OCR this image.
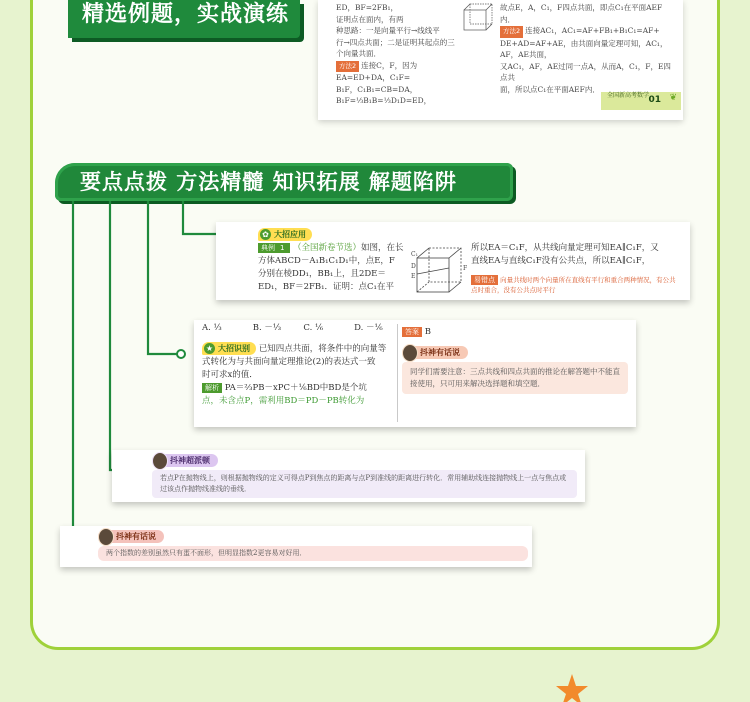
精选例题，实战演练	ED，BF=2FB₁，
证明点在面内，有两
种思路：一是向量平行→线线平
行→四点共面；二是证明其起点的三个向量共面．
方法2 连接C，F，因为EA=ED+DA，C₁F=
B₁F，C₁B₁=CB=DA，B₁F=⅓B₁B=⅓D₁D=ED，
故点E，A，C₁，F四点共面，即点C₁在平面AEF内．
方法2 连接AC₁，AC₁=AF+FB₁+B₁C₁=AF+
DE+AD=AF+AE，由共面向量定理可知，AC₁，
AF，AE共面，
又AC₁，AF，AE过同一点A，从而A，C₁，F，E四点共
面，所以点C₁在平面AEF内．
全国新高考数学 01 ❦
要点点拨 方法精髓 知识拓展 解题陷阱
✿ 大招应用
典例 1 （全国新卷节选）如图，在长
方体ABCD－A₁B₁C₁D₁中，点E，F
分别在棱DD₁，BB₁上，且2DE＝
ED₁，BF＝2FB₁．证明：点C₁在平
C₁
D
E
F
所以EA＝C₁F，从共线向量定理可知EA∥C₁F，又
直线EA与直线C₁F没有公共点，所以EA∥C₁F，
易错点 向量共线时两个向量所在直线有平行和重合两种情况，有公共点时重合，没有公共点时平行
A. ⅓	B. －⅓	C. ⅙	D. －⅙
★ 大招识别 已知四点共面，将条件中的向量等
式转化为与共面向量定理推论(2)的表达式一致
时可求x的值．
解析 PA＝⅔PB－xPC＋⅙BD中BD是个坑
点，未含点P，需利用BD＝PD－PB转化为
答案 B
抖神有话说
同学们需要注意：三点共线和四点共面的推论在解答题中不能直接使用，只可用来解决选择题和填空题．
抖神超派顿
若点P在抛物线上，则根据抛物线的定义可得点P到焦点的距离与点P到准线的距离进行转化．常用辅助线连接抛物线上一点与焦点或过该点作抛物线准线的垂线．
抖神有话说
两个指数的差别虽然只有蛋不面形，但明显指数2更容易对好用．
